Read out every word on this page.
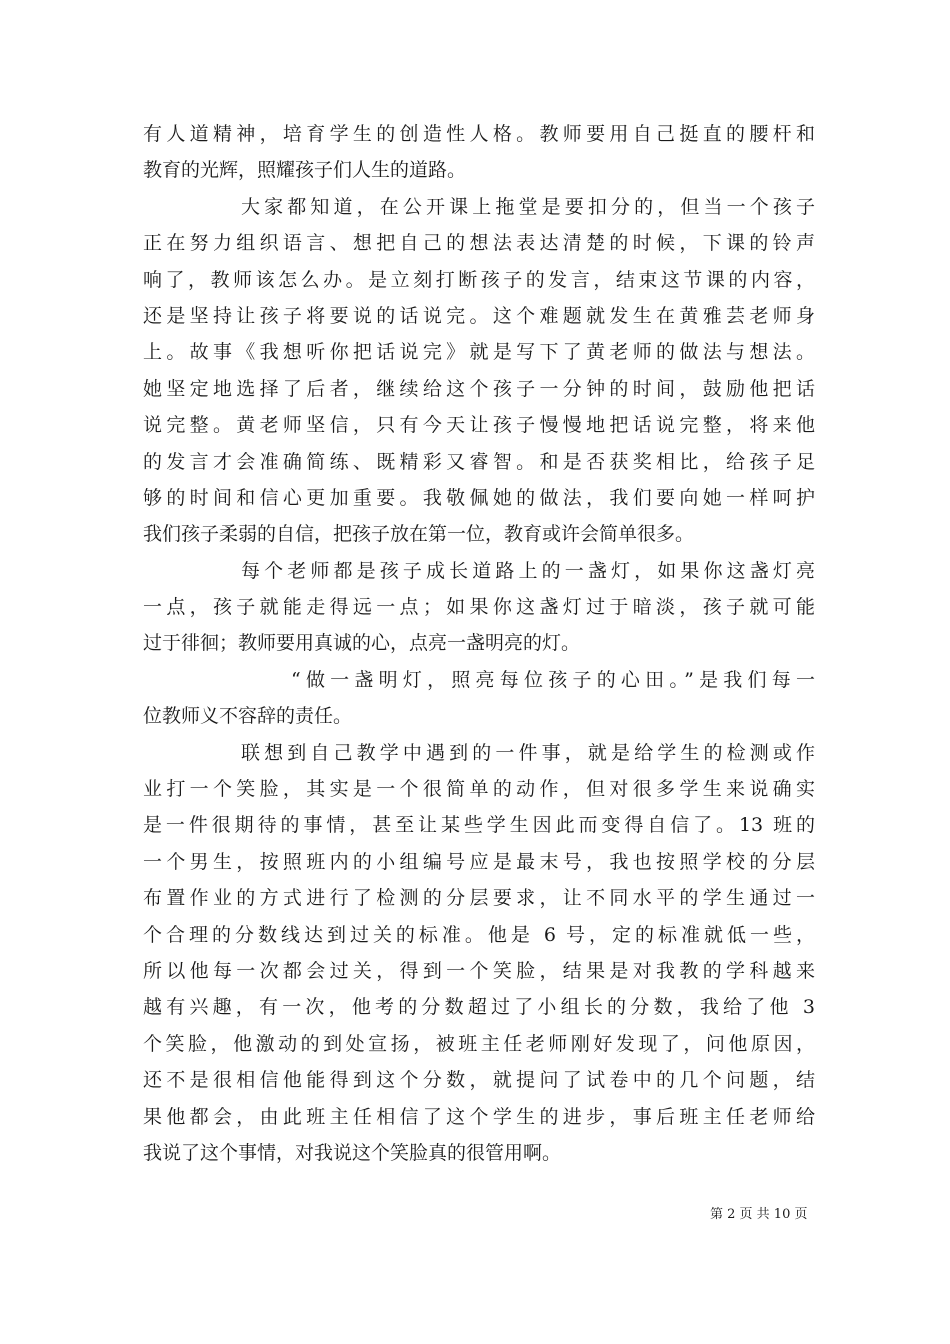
有人道精神，培育学生的创造性人格。教师要用自己挺直的腰杆和
教育的光辉，照耀孩子们人生的道路。
大家都知道，在公开课上拖堂是要扣分的，但当一个孩子
正在努力组织语言、想把自己的想法表达清楚的时候，下课的铃声
响了，教师该怎么办。是立刻打断孩子的发言，结束这节课的内容，
还是坚持让孩子将要说的话说完。这个难题就发生在黄雅芸老师身
上。故事《我想听你把话说完》就是写下了黄老师的做法与想法。
她坚定地选择了后者，继续给这个孩子一分钟的时间，鼓励他把话
说完整。黄老师坚信，只有今天让孩子慢慢地把话说完整，将来他
的发言才会准确简练、既精彩又睿智。和是否获奖相比，给孩子足
够的时间和信心更加重要。我敬佩她的做法，我们要向她一样呵护
我们孩子柔弱的自信，把孩子放在第一位，教育或许会简单很多。
每个老师都是孩子成长道路上的一盏灯，如果你这盏灯亮
一点，孩子就能走得远一点；如果你这盏灯过于暗淡，孩子就可能
过于徘徊；教师要用真诚的心，点亮一盏明亮的灯。
“做一盏明灯，照亮每位孩子的心田。”是我们每一
位教师义不容辞的责任。
联想到自己教学中遇到的一件事，就是给学生的检测或作
业打一个笑脸，其实是一个很简单的动作，但对很多学生来说确实
是一件很期待的事情，甚至让某些学生因此而变得自信了。13 班的
一个男生，按照班内的小组编号应是最末号，我也按照学校的分层
布置作业的方式进行了检测的分层要求，让不同水平的学生通过一
个合理的分数线达到过关的标准。他是 6 号，定的标准就低一些，
所以他每一次都会过关，得到一个笑脸，结果是对我教的学科越来
越有兴趣，有一次，他考的分数超过了小组长的分数，我给了他 3
个笑脸，他激动的到处宣扬，被班主任老师刚好发现了，问他原因，
还不是很相信他能得到这个分数，就提问了试卷中的几个问题，结
果他都会，由此班主任相信了这个学生的进步，事后班主任老师给
我说了这个事情，对我说这个笑脸真的很管用啊。
第 2 页 共 10 页
